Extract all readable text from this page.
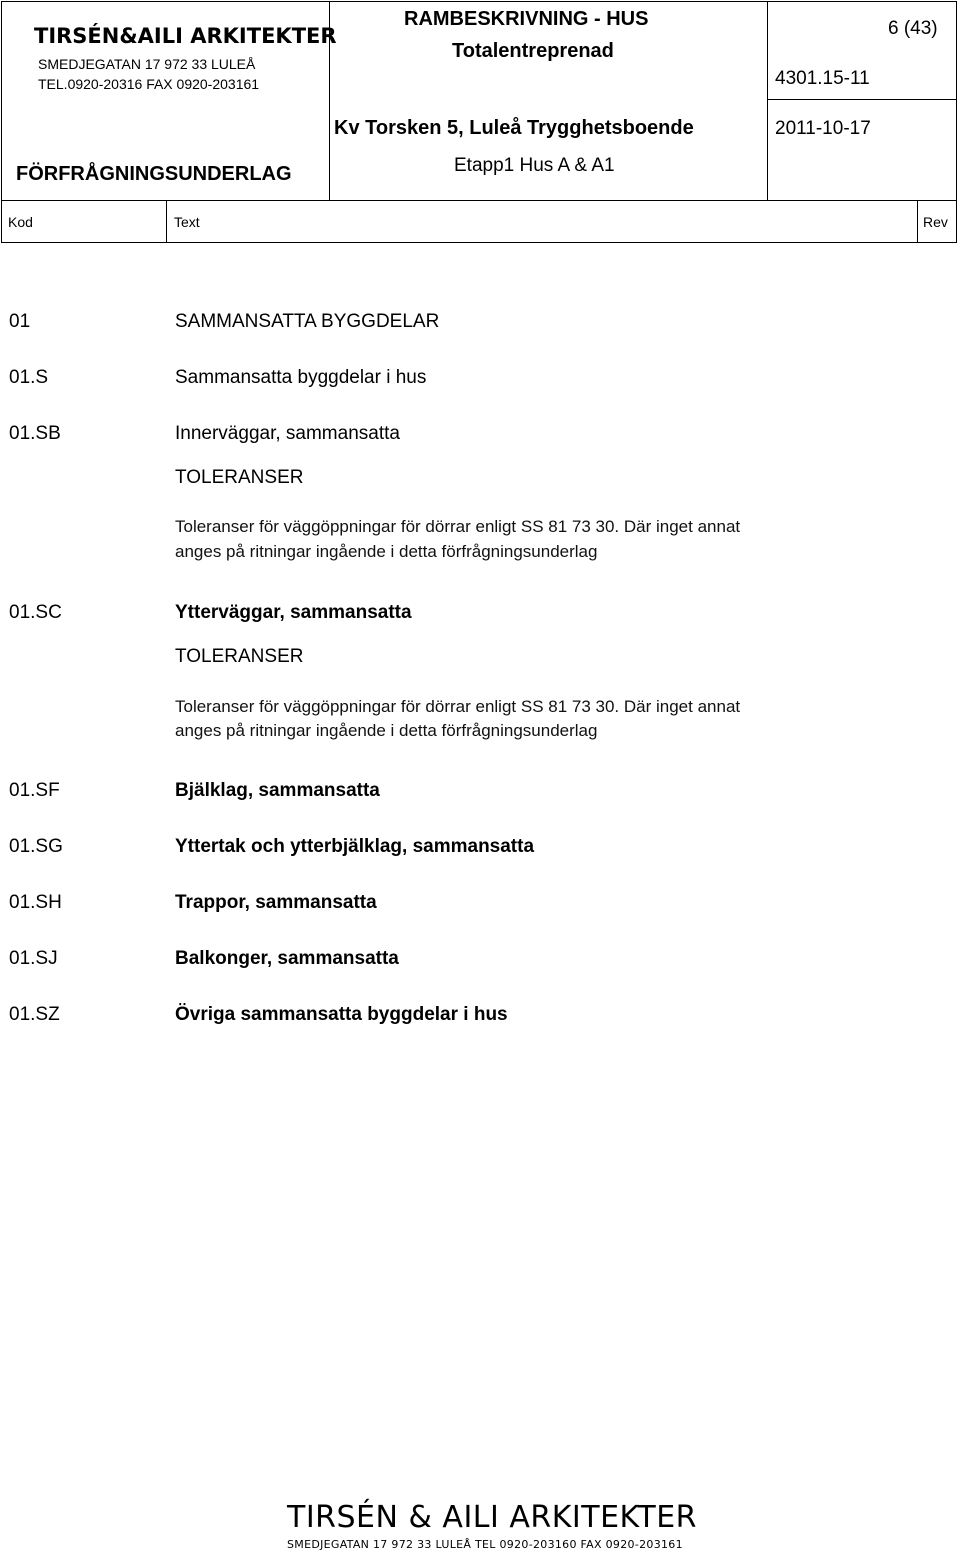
TIRSÉN&AILI ARKITEKTER
SMEDJEGATAN 17 972 33 LULEÅ
TEL.0920-20316 FAX 0920-203161
FÖRFRÅGNINGSUNDERLAG
RAMBESKRIVNING - HUS
Totalentreprenad
Kv Torsken 5, Luleå Trygghetsboende
Etapp1 Hus A & A1
6 (43)
4301.15-11
2011-10-17
Kod	Text	Rev
01	SAMMANSATTA BYGGDELAR
01.S	Sammansatta byggdelar i hus
01.SB	Innerväggar, sammansatta
TOLERANSER
Toleranser för väggöppningar för dörrar enligt SS 81 73 30. Där inget annat
anges på ritningar ingående i detta förfrågningsunderlag
01.SC	Ytterväggar, sammansatta
TOLERANSER
Toleranser för väggöppningar för dörrar enligt SS 81 73 30. Där inget annat
anges på ritningar ingående i detta förfrågningsunderlag
01.SF	Bjälklag, sammansatta
01.SG	Yttertak och ytterbjälklag, sammansatta
01.SH	Trappor, sammansatta
01.SJ	Balkonger, sammansatta
01.SZ	Övriga sammansatta byggdelar i hus
TIRSÉN & AILI ARKITEKTER
SMEDJEGATAN 17 972 33 LULEÅ TEL 0920-203160 FAX 0920-203161
